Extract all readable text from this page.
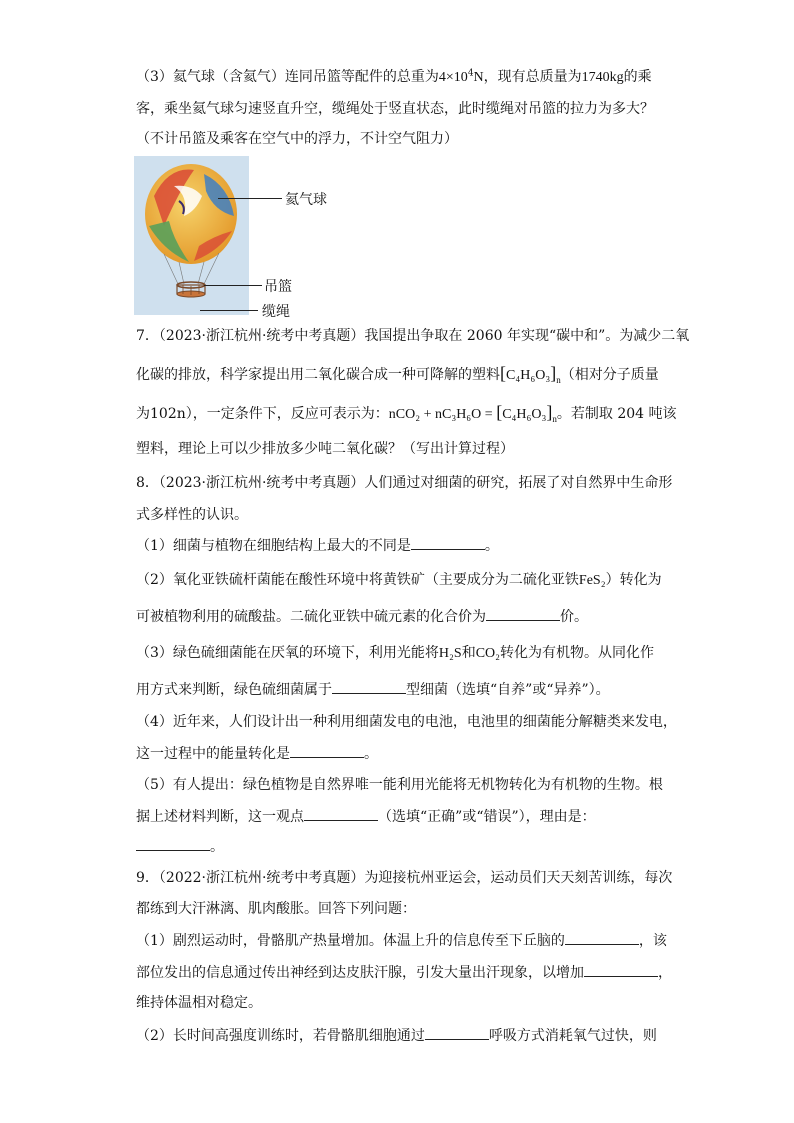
（3）氦气球（含氦气）连同吊篮等配件的总重为$4\times 10^4N$，现有总质量为1740kg的乘
客，乘坐氦气球匀速竖直升空，缆绳处于竖直状态，此时缆绳对吊篮的拉力为多大？
（不计吊篮及乘客在空气中的浮力，不计空气阻力）
氦气球
吊篮
缆绳
7．（2023·浙江杭州·统考中考真题）我国提出争取在 2060 年实现“碳中和”。为减少二氧
化碳的排放，科学家提出用二氧化碳合成一种可降解的塑料$[C_4H_6O_3]_n$（相对分子质量
为102n），一定条件下，反应可表示为：$nCO_2 + nC_3H_6O = [C_4H_6O_3]_n$。若制取 204 吨该
塑料，理论上可以少排放多少吨二氧化碳？（写出计算过程）
8．（2023·浙江杭州·统考中考真题）人们通过对细菌的研究，拓展了对自然界中生命形
式多样性的认识。
（1）细菌与植物在细胞结构上最大的不同是	。
（2）氧化亚铁硫杆菌能在酸性环境中将黄铁矿（主要成分为二硫化亚铁FeS₂）转化为
可被植物利用的硫酸盐。二硫化亚铁中硫元素的化合价为	价。
（3）绿色硫细菌能在厌氧的环境下，利用光能将H₂S和CO₂转化为有机物。从同化作
用方式来判断，绿色硫细菌属于	型细菌（选填“自养”或“异养”）。
（4）近年来，人们设计出一种利用细菌发电的电池，电池里的细菌能分解糖类来发电，
这一过程中的能量转化是	。
（5）有人提出：绿色植物是自然界唯一能利用光能将无机物转化为有机物的生物。根
据上述材料判断，这一观点	（选填“正确”或“错误”），理由是：
。
9．（2022·浙江杭州·统考中考真题）为迎接杭州亚运会，运动员们天天刻苦训练，每次
都练到大汗淋漓、肌肉酸胀。回答下列问题：
（1）剧烈运动时，骨骼肌产热量增加。体温上升的信息传至下丘脑的	，该
部位发出的信息通过传出神经到达皮肤汗腺，引发大量出汗现象，以增加	，
维持体温相对稳定。
（2）长时间高强度训练时，若骨骼肌细胞通过	呼吸方式消耗氧气过快，则
